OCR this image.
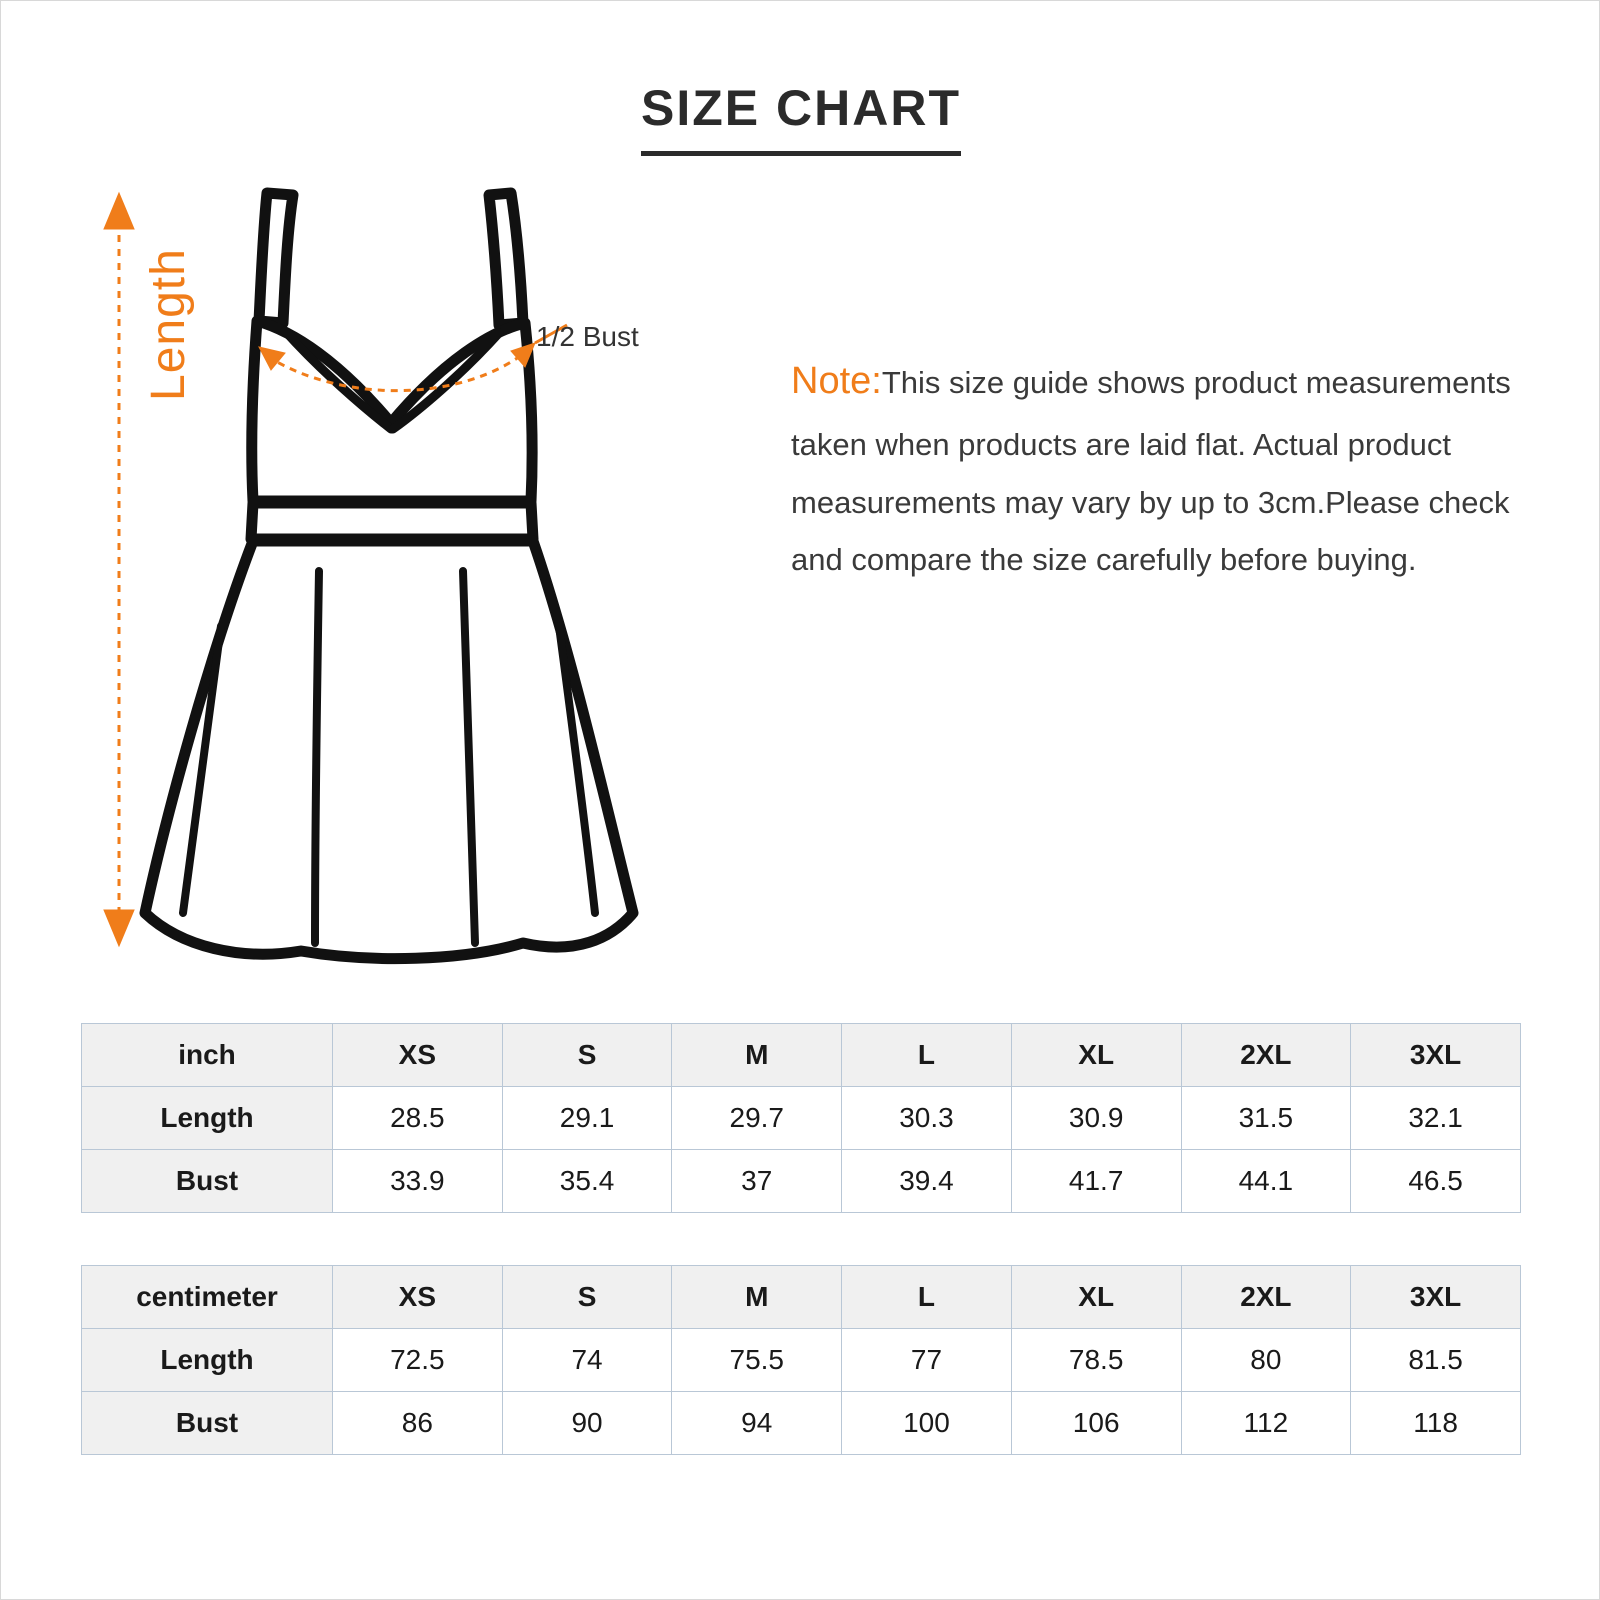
SIZE CHART
Length	1/2 Bust
Note:This size guide shows product measurements taken when products are laid flat. Actual product measurements may vary by up to 3cm.Please check and compare the size carefully before buying.
inch	XS	S	M	L	XL	2XL	3XL
Length	28.5	29.1	29.7	30.3	30.9	31.5	32.1
Bust	33.9	35.4	37	39.4	41.7	44.1	46.5
centimeter	XS	S	M	L	XL	2XL	3XL
Length	72.5	74	75.5	77	78.5	80	81.5
Bust	86	90	94	100	106	112	118
